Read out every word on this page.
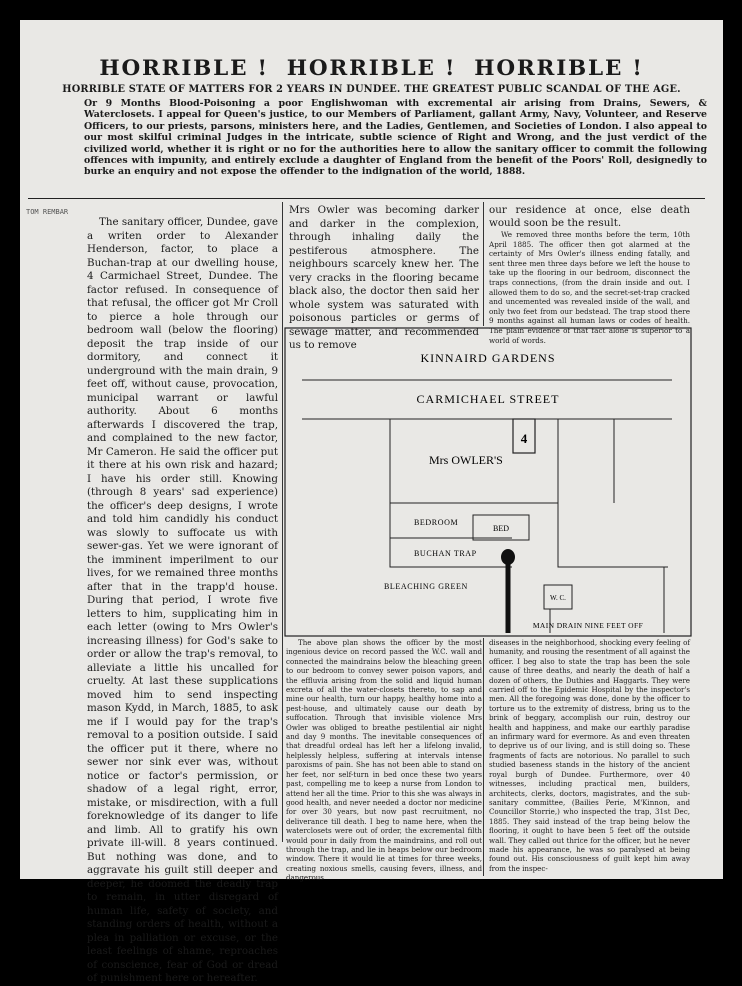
HORRIBLE ! HORRIBLE ! HORRIBLE !
HORRIBLE STATE OF MATTERS FOR 2 YEARS IN DUNDEE. THE GREATEST PUBLIC SCANDAL OF THE AGE.
Or 9 Months Blood-Poisoning a poor Englishwoman with excremental air arising from Drains, Sewers, & Waterclosets. I appeal for Queen's justice, to our Members of Parliament, gallant Army, Navy, Volunteer, and Reserve Officers, to our priests, parsons, ministers here, and the Ladies, Gentlemen, and Societies of London. I also appeal to our most skilful criminal Judges in the intricate, subtle science of Right and Wrong, and the just verdict of the civilized world, whether it is right or no for the authorities here to allow the sanitary officer to commit the following offences with impunity, and entirely exclude a daughter of England from the benefit of the Poors' Roll, designedly to burke an enquiry and not expose the offender to the indignation of the world, 1888.
TOM REMBAR

The sanitary officer, Dundee, gave a writen order to Alexander Henderson, factor, to place a Buchan-trap at our dwelling house, 4 Carmichael Street, Dundee. The factor refused. In consequence of that refusal, the officer got Mr Croll to pierce a hole through our bedroom wall (below the flooring) deposit the trap inside of our dormitory, and connect it underground with the main drain, 9 feet off, without cause, provocation, municipal warrant or lawful authority. About 6 months afterwards I discovered the trap, and complained to the new factor, Mr Cameron. He said the officer put it there at his own risk and hazard; I have his order still. Knowing (through 8 years' sad experience) the officer's deep designs, I wrote and told him candidly his conduct was slowly to suffocate us with sewer-gas. Yet we were ignorant of the imminent imperilment to our lives, for we remained three months after that in the trapp'd house. During that period, I wrote five letters to him, supplicating him in each letter (owing to Mrs Owler's increasing illness) for God's sake to order or allow the trap's removal, to alleviate a little his uncalled for cruelty. At last these supplications moved him to send inspecting mason Kydd, in March, 1885, to ask me if I would pay for the trap's removal to a position outside. I said the officer put it there, where no sewer nor sink ever was, without notice or factor's permission, or shadow of a legal right, error, mistake, or misdirection, with a full foreknowledge of its danger to life and limb. All to gratify his own private ill-will. 8 years continued. But nothing was done, and to aggravate his guilt still deeper and deeper, he doomed the deadly trap to remain, in utter disregard of human life, safety of society, and standing orders of health, without a plea in palliation or excuse, or the least feelings of shame, reproaches of conscience, fear of God or dread of punishment here or hereafter.

Mrs Owler was becoming darker and darker in the complexion, through inhaling daily the pestiferous atmosphere. The neighbours scarcely knew her. The very cracks in the flooring became black also, the doctor then said her whole system was saturated with poisonous particles or germs of sewage matter, and recommended us to remove

our residence at once, else death would soon be the result.

We removed three months before the term, 10th April 1885. The officer then got alarmed at the certainty of Mrs Owler's illness ending fatally, and sent three men three days before we left the house to take up the flooring in our bedroom, disconnect the traps connections, (from the drain inside and out. I allowed them to do so, and the secret-set-trap cracked and uncemented was revealed inside of the wall, and only two feet from our bedstead. The trap stood there 9 months against all human laws or codes of health. The plain evidence of that fact alone is superior to a world of words.

KINNAIRD GARDENS
CARMICHAEL STREET
4
Mrs OWLER'S
BEDROOM
BED
BUCHAN TRAP
BLEACHING GREEN
W. C.
MAIN DRAIN NINE FEET OFF

The above plan shows the officer by the most ingenious device on record passed the W.C. wall and connected the maindrains below the bleaching green to our bedroom to convey sewer poison vapors, and the effluvia arising from the solid and liquid human excreta of all the water-closets thereto, to sap and mine our health, turn our happy, healthy home into a pest-house, and ultimately cause our death by suffocation. Through that invisible violence Mrs Owler was obliged to breathe pestilential air night and day 9 months. The inevitable consequences of that dreadful ordeal has left her a lifelong invalid, helplessly helpless, suffering at intervals intense paroxisms of pain. She has not been able to stand on her feet, nor self-turn in bed once these two years past, compelling me to keep a nurse from London to attend her all the time. Prior to this she was always in good health, and never needed a doctor nor medicine for over 30 years, but now past recruitment, no deliverance till death. I beg to name here, when the waterclosets were out of order, the excremental filth would pour in daily from the maindrains, and roll out through the trap, and lie in heaps below our bedroom window. There it would lie at times for three weeks, creating noxious smells, causing fevers, illness, and dangerous

diseases in the neighborhood, shocking every feeling of humanity, and rousing the resentment of all against the officer. I beg also to state the trap has been the sole cause of three deaths, and nearly the death of half a dozen of others, the Duthies and Haggarts. They were carried off to the Epidemic Hospital by the inspector's men. All the foregoing was done, done by the officer to torture us to the extremity of distress, bring us to the brink of beggary, accomplish our ruin, destroy our health and happiness, and make our earthly paradise an infirmary ward for evermore. As and even threaten to deprive us of our living, and is still doing so. These fragments of facts are notorious. No parallel to such studied baseness stands in the history of the ancient royal burgh of Dundee. Furthermore, over 40 witnesses, including practical men, builders, architects, clerks, doctors, magistrates, and the sub-sanitary committee, (Bailies Perie, M'Kinnon, and Councillor Storrie,) who inspected the trap, 31st Dec, 1885. They said instead of the trap being below the flooring, it ought to have been 5 feet off the outside wall. They called out thrice for the officer, but he never made his appearance, he was so paralysed at being found out. His consciousness of guilt kept him away from the inspec-
